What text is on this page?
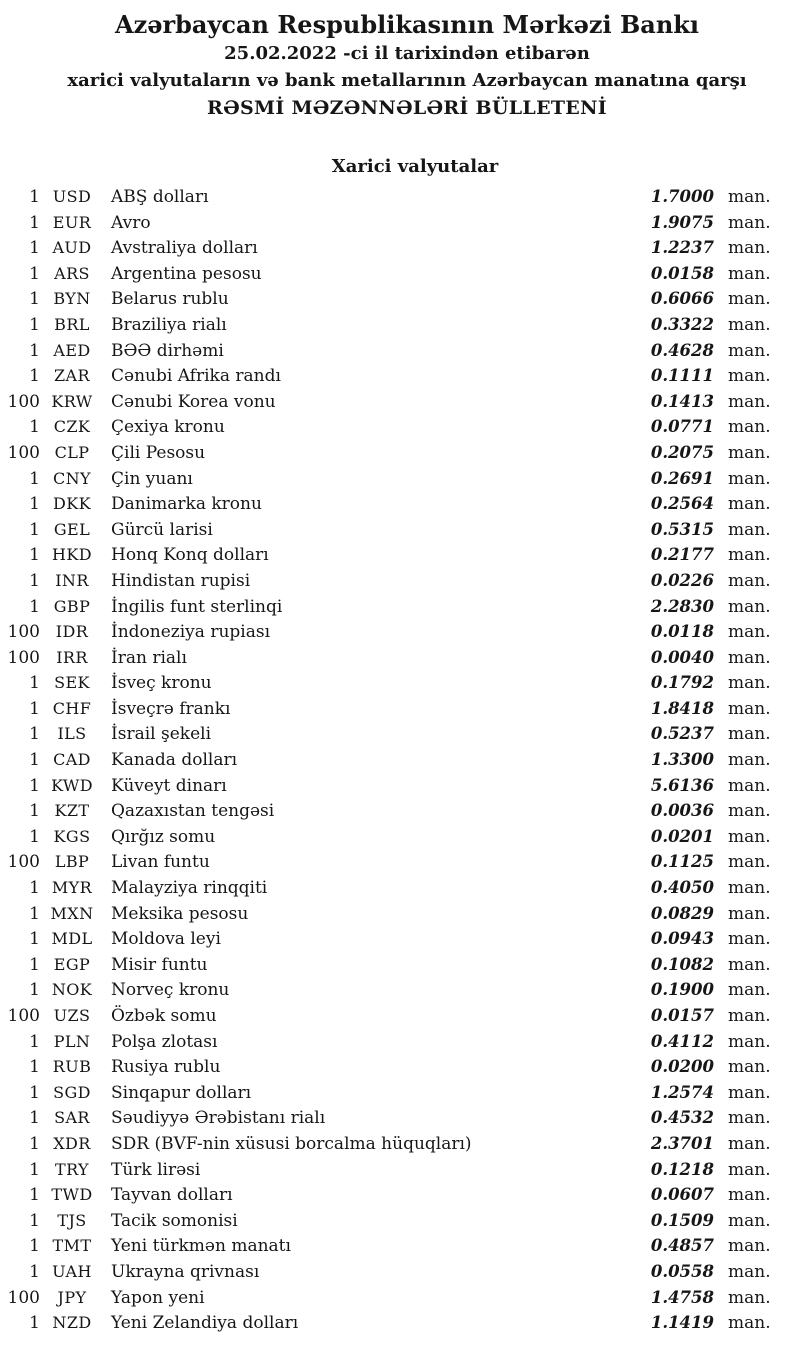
Azərbaycan Respublikasının Mərkəzi Bankı
25.02.2022 -ci il tarixindən etibarən
xarici valyutaların və bank metallarının Azərbaycan manatına qarşı
RƏSMİ MƏZƏNNƏLƏRİ BÜLLETENİ
Xarici valyutalar
1 USD	ABŞ dolları	1.7000 man.
1 EUR	Avro	1.9075 man.
1 AUD	Avstraliya dolları	1.2237 man.
1 ARS	Argentina pesosu	0.0158 man.
1 BYN	Belarus rublu	0.6066 man.
1 BRL	Braziliya rialı	0.3322 man.
1 AED	BƏƏ dirhəmi	0.4628 man.
1 ZAR	Cənubi Afrika randı	0.1111 man.
100 KRW	Cənubi Korea vonu	0.1413 man.
1 CZK	Çexiya kronu	0.0771 man.
100 CLP	Çili Pesosu	0.2075 man.
1 CNY	Çin yuanı	0.2691 man.
1 DKK	Danimarka kronu	0.2564 man.
1 GEL	Gürcü larisi	0.5315 man.
1 HKD	Honq Konq dolları	0.2177 man.
1 INR	Hindistan rupisi	0.0226 man.
1 GBP	İngilis funt sterlinqi	2.2830 man.
100 IDR	İndoneziya rupiası	0.0118 man.
100	IRR	İran rialı	0.0040 man.
1 SEK	İsveç kronu	0.1792 man.
1 CHF	İsveçrə frankı	1.8418 man.
1	ILS	İsrail şekeli	0.5237 man.
1 CAD	Kanada dolları	1.3300 man.
1 KWD	Küveyt dinarı	5.6136 man.
1 KZT	Qazaxıstan tengəsi	0.0036 man.
1 KGS	Qırğız somu	0.0201 man.
100 LBP	Livan funtu	0.1125 man.
1 MYR	Malayziya rinqqiti	0.4050 man.
1 MXN	Meksika pesosu	0.0829 man.
1 MDL	Moldova leyi	0.0943 man.
1 EGP	Misir funtu	0.1082 man.
1 NOK	Norveç kronu	0.1900 man.
100 UZS	Özbək somu	0.0157 man.
1 PLN	Polşa zlotası	0.4112 man.
1 RUB	Rusiya rublu	0.0200 man.
1 SGD	Sinqapur dolları	1.2574 man.
1 SAR	Səudiyyə Ərəbistanı rialı	0.4532 man.
1 XDR	SDR (BVF-nin xüsusi borcalma hüquqları)	2.3701 man.
1 TRY	Türk lirəsi	0.1218 man.
1 TWD	Tayvan dolları	0.0607 man.
1	TJS	Tacik somonisi	0.1509 man.
1 TMT	Yeni türkmən manatı	0.4857 man.
1 UAH	Ukrayna qrivnası	0.0558 man.
100	JPY	Yapon yeni	1.4758 man.
1 NZD	Yeni Zelandiya dolları	1.1419 man.
